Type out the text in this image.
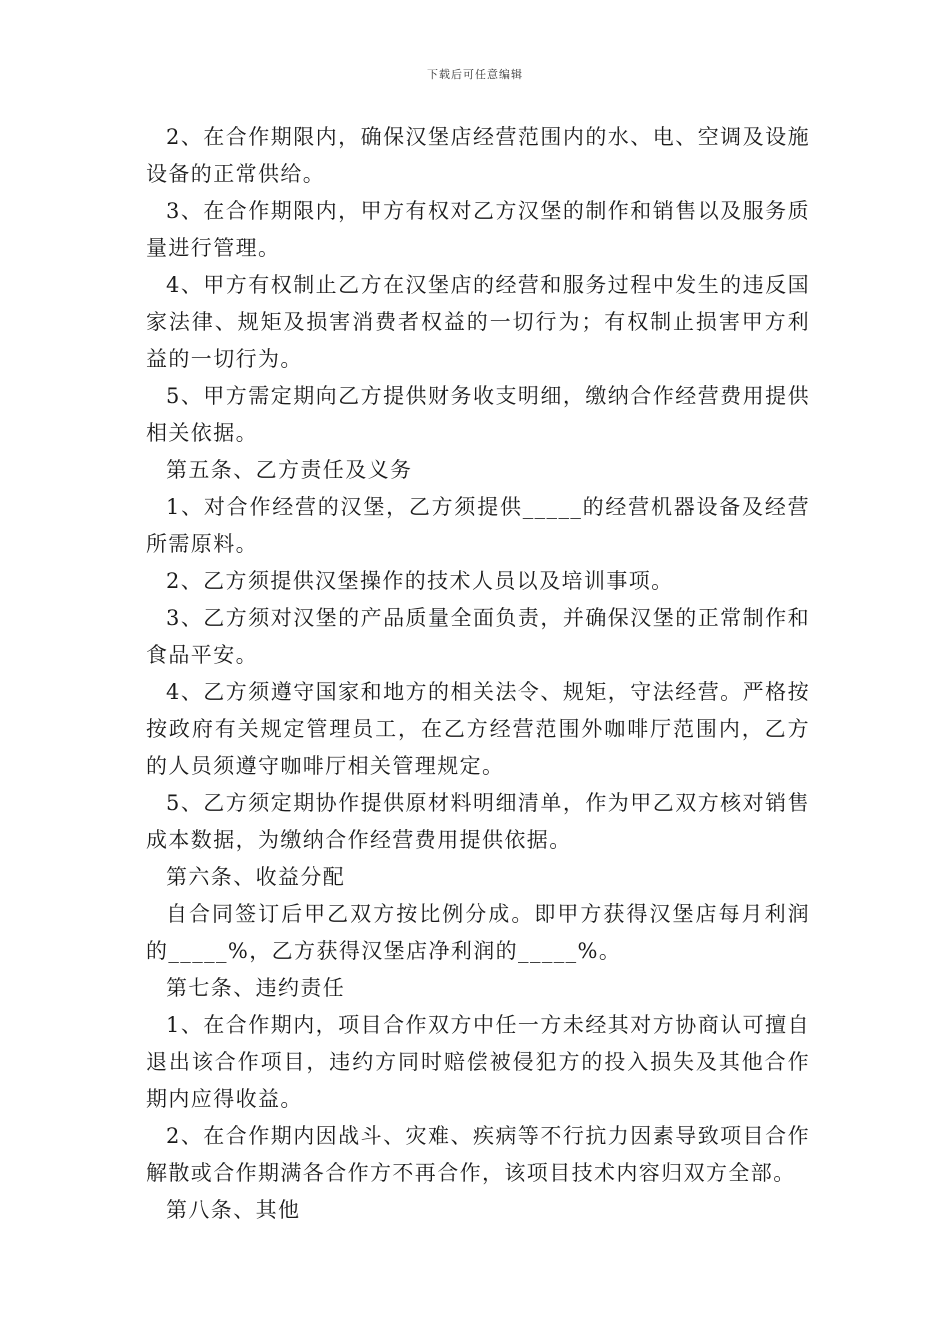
下载后可任意编辑

2、在合作期限内，确保汉堡店经营范围内的水、电、空调及设施设备的正常供给。

3、在合作期限内，甲方有权对乙方汉堡的制作和销售以及服务质量进行管理。

4、甲方有权制止乙方在汉堡店的经营和服务过程中发生的违反国家法律、规矩及损害消费者权益的一切行为；有权制止损害甲方利益的一切行为。

5、甲方需定期向乙方提供财务收支明细，缴纳合作经营费用提供相关依据。

第五条、乙方责任及义务

1、对合作经营的汉堡，乙方须提供_____的经营机器设备及经营所需原料。

2、乙方须提供汉堡操作的技术人员以及培训事项。

3、乙方须对汉堡的产品质量全面负责，并确保汉堡的正常制作和食品平安。

4、乙方须遵守国家和地方的相关法令、规矩，守法经营。严格按按政府有关规定管理员工，在乙方经营范围外咖啡厅范围内，乙方的人员须遵守咖啡厅相关管理规定。

5、乙方须定期协作提供原材料明细清单，作为甲乙双方核对销售成本数据，为缴纳合作经营费用提供依据。

第六条、收益分配

自合同签订后甲乙双方按比例分成。即甲方获得汉堡店每月利润的_____%，乙方获得汉堡店净利润的_____%。

第七条、违约责任

1、在合作期内，项目合作双方中任一方未经其对方协商认可擅自退出该合作项目，违约方同时赔偿被侵犯方的投入损失及其他合作期内应得收益。

2、在合作期内因战斗、灾难、疾病等不行抗力因素导致项目合作解散或合作期满各合作方不再合作，该项目技术内容归双方全部。

第八条、其他
